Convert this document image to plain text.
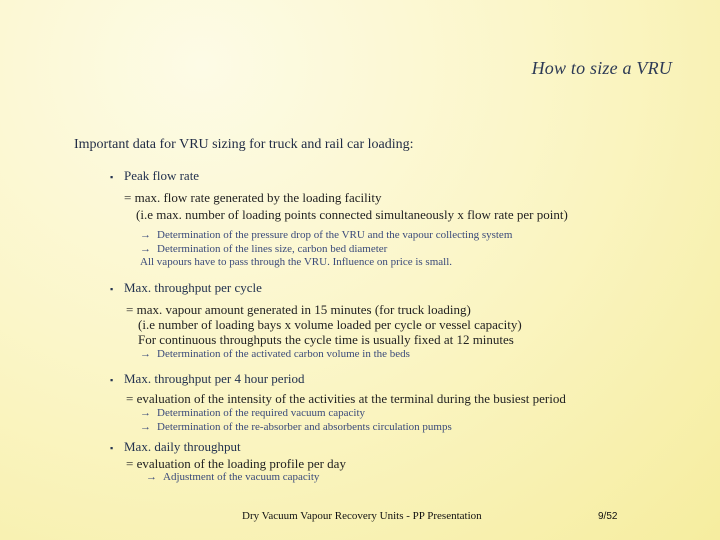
How to size a VRU
Important data for VRU sizing for truck and rail car loading:
▪ Peak flow rate
= max. flow rate generated by the loading facility
(i.e max. number of loading points connected simultaneously x flow rate per point)
→ Determination of the pressure drop of the VRU and the vapour collecting system
→ Determination of the lines size, carbon bed diameter
All vapours have to pass through the VRU. Influence on price is small.
▪ Max. throughput per cycle
= max. vapour amount generated in 15 minutes (for truck loading)
(i.e number of loading bays x volume loaded per cycle or vessel capacity)
For continuous throughputs the cycle time is usually fixed at 12 minutes
→ Determination of the activated carbon volume in the beds
▪ Max. throughput per 4 hour period
= evaluation of the intensity of the activities at the terminal during the busiest period
→ Determination of the required vacuum capacity
→ Determination of the re-absorber and absorbents circulation pumps
▪ Max. daily throughput
= evaluation of the loading profile per day
→ Adjustment of the vacuum capacity
Dry Vacuum Vapour Recovery Units - PP Presentation	9/52
